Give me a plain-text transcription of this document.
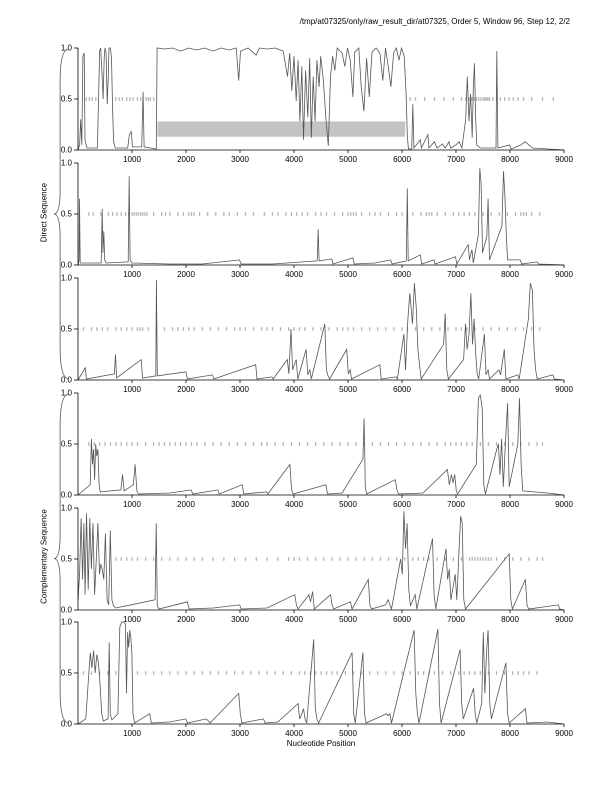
/tmp/at07325/only/raw_result_dir/at07325, Order 5, Window 96, Step 12, 2/2
0.0
0.5
1.0
1000	2000	3000	4000	5000	6000	7000	8000	9000
0.0
0.5
1.0
1000	2000	3000	4000	5000	6000	7000	8000	9000
0.0
0.5
1.0
1000	2000	3000	4000	5000	6000	7000	8000	9000
0.0
0.5
1.0
1000	2000	3000	4000	5000	6000	7000	8000	9000
0.0
0.5
1.0
1000	2000	3000	4000	5000	6000	7000	8000	9000
0.0
0.5
1.0
1000	2000	3000	4000	5000	6000	7000	8000	9000
Direct Sequence
Complementary Sequence
Nucleotide Position
